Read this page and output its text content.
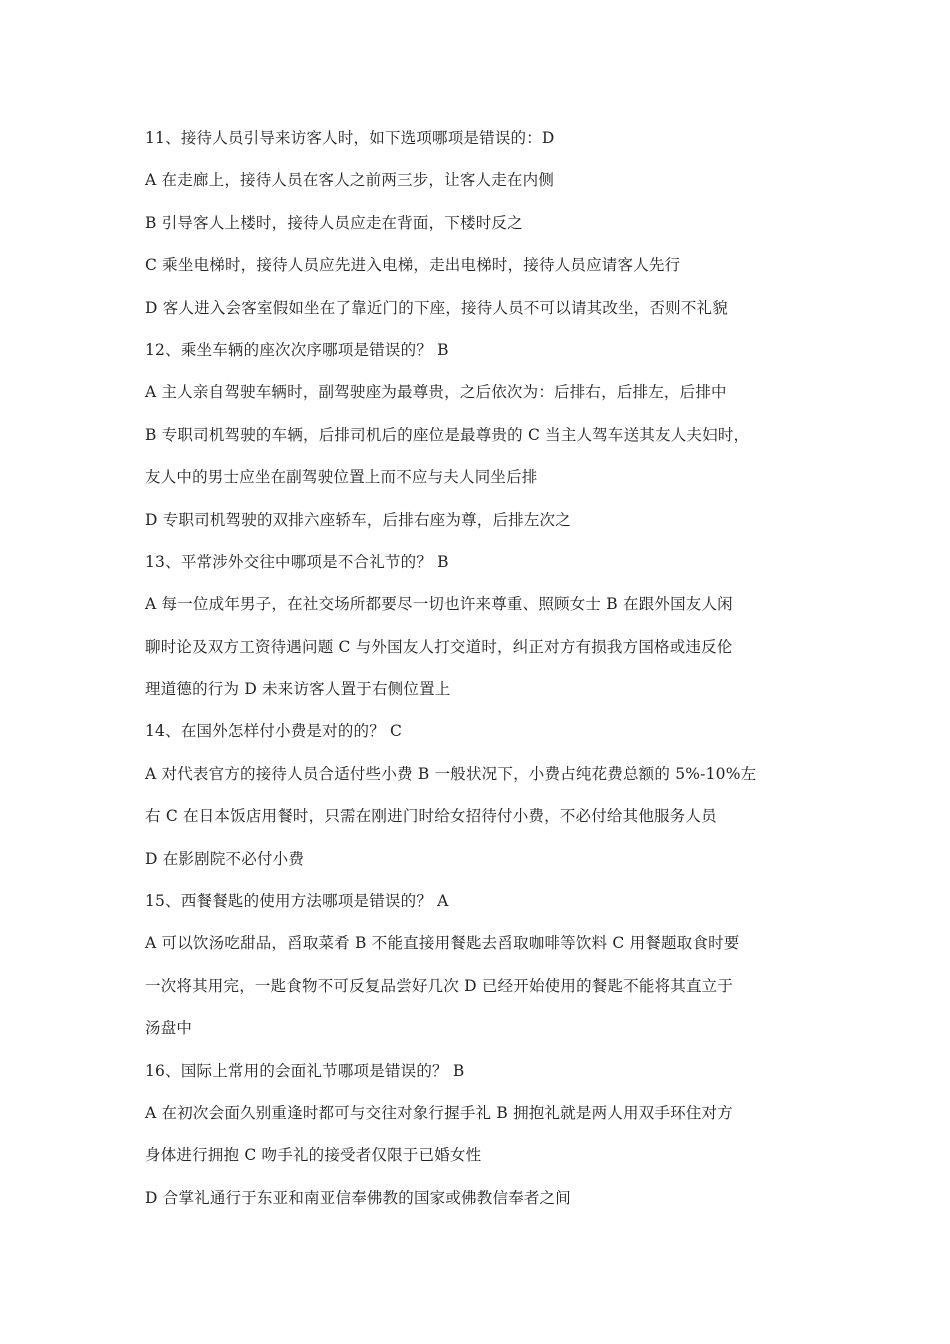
11、接待人员引导来访客人时，如下选项哪项是错误的：D
A 在走廊上，接待人员在客人之前两三步，让客人走在内侧
B 引导客人上楼时，接待人员应走在背面，下楼时反之
C 乘坐电梯时，接待人员应先进入电梯，走出电梯时，接待人员应请客人先行
D 客人进入会客室假如坐在了靠近门的下座，接待人员不可以请其改坐，否则不礼貌
12、乘坐车辆的座次次序哪项是错误的？ B
A 主人亲自驾驶车辆时，副驾驶座为最尊贵，之后依次为：后排右，后排左，后排中
B 专职司机驾驶的车辆，后排司机后的座位是最尊贵的 C 当主人驾车送其友人夫妇时，
友人中的男士应坐在副驾驶位置上而不应与夫人同坐后排
D 专职司机驾驶的双排六座轿车，后排右座为尊，后排左次之
13、平常涉外交往中哪项是不合礼节的？ B
A 每一位成年男子，在社交场所都要尽一切也许来尊重、照顾女士 B 在跟外国友人闲
聊时论及双方工资待遇问题 C 与外国友人打交道时，纠正对方有损我方国格或违反伦
理道德的行为 D 未来访客人置于右侧位置上
14、在国外怎样付小费是对的的？ C
A 对代表官方的接待人员合适付些小费 B 一般状况下，小费占纯花费总额的 5%-10%左
右 C 在日本饭店用餐时，只需在刚进门时给女招待付小费，不必付给其他服务人员
D 在影剧院不必付小费
15、西餐餐匙的使用方法哪项是错误的？ A
A 可以饮汤吃甜品，舀取菜肴 B 不能直接用餐匙去舀取咖啡等饮料 C 用餐题取食时要
一次将其用完，一匙食物不可反复品尝好几次 D 已经开始使用的餐匙不能将其直立于
汤盘中
16、国际上常用的会面礼节哪项是错误的？ B
A 在初次会面久别重逢时都可与交往对象行握手礼 B 拥抱礼就是两人用双手环住对方
身体进行拥抱 C 吻手礼的接受者仅限于已婚女性
D 合掌礼通行于东亚和南亚信奉佛教的国家或佛教信奉者之间
